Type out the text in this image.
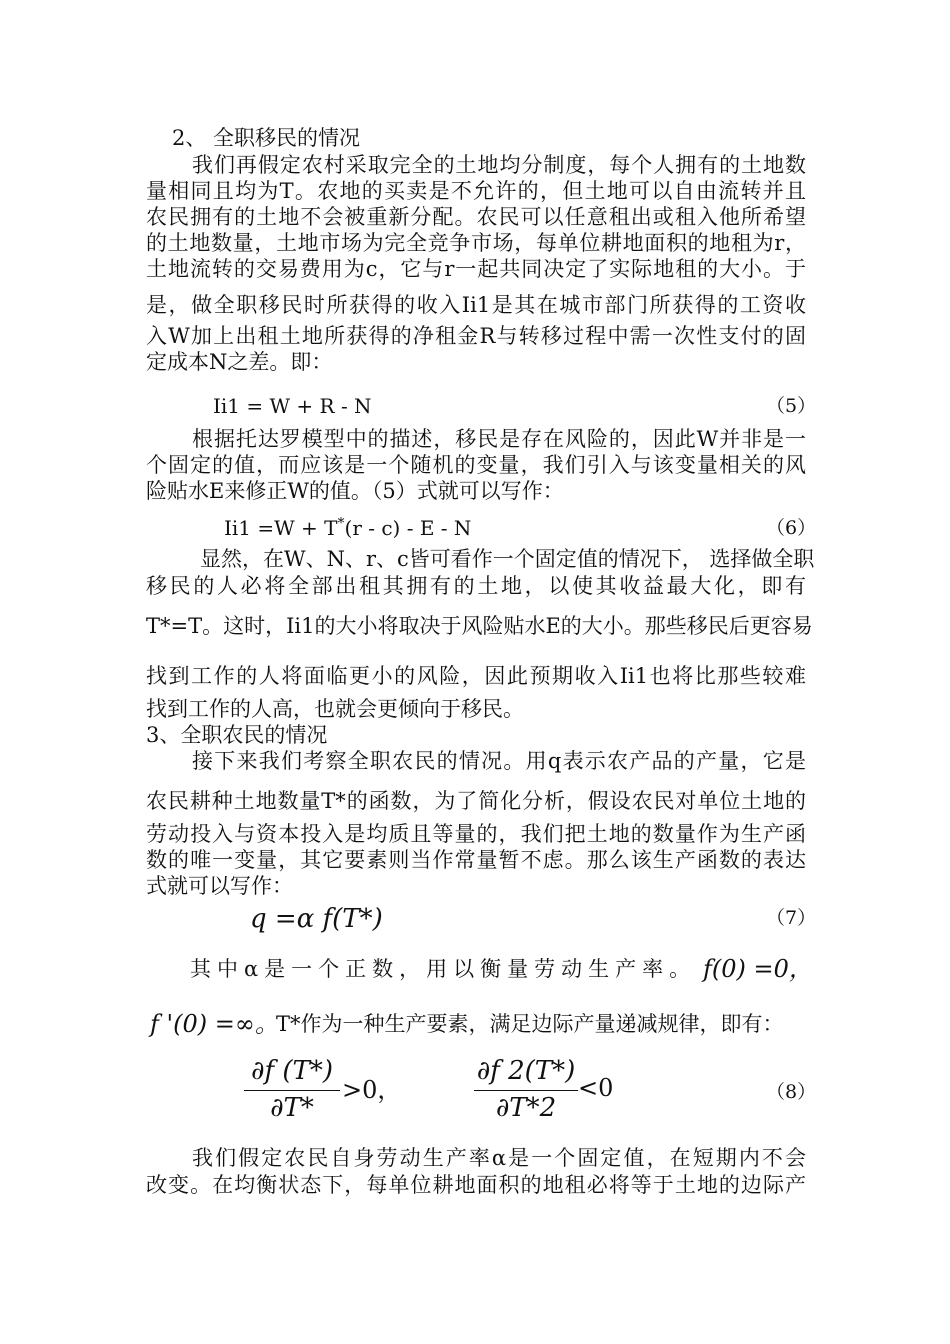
2、 全职移民的情况
我们再假定农村采取完全的土地均分制度，每个人拥有的土地数
量相同且均为T。农地的买卖是不允许的，但土地可以自由流转并且
农民拥有的土地不会被重新分配。农民可以任意租出或租入他所希望
的土地数量，土地市场为完全竞争市场，每单位耕地面积的地租为r，
土地流转的交易费用为c，它与r一起共同决定了实际地租的大小。于
是，做全职移民时所获得的收入Ii1是其在城市部门所获得的工资收
入W加上出租土地所获得的净租金R与转移过程中需一次性支付的固
定成本N之差。即：
Ii1 = W + R - N	（5）
根据托达罗模型中的描述，移民是存在风险的，因此W并非是一
个固定的值，而应该是一个随机的变量，我们引入与该变量相关的风
险贴水E来修正W的值。（5）式就可以写作：
Ii1 =W + T*(r - c) - E - N	（6）
显然，在W、N、r、c皆可看作一个固定值的情况下， 选择做全职
移民的人必将全部出租其拥有的土地，以使其收益最大化，即有
T*=T。这时，Ii1的大小将取决于风险贴水E的大小。那些移民后更容易
找到工作的人将面临更小的风险，因此预期收入Ii1也将比那些较难
找到工作的人高，也就会更倾向于移民。
3、全职农民的情况
接下来我们考察全职农民的情况。用q表示农产品的产量，它是
农民耕种土地数量T*的函数，为了简化分析，假设农民对单位土地的
劳动投入与资本投入是均质且等量的，我们把土地的数量作为生产函
数的唯一变量，其它要素则当作常量暂不虑。那么该生产函数的表达
式就可以写作：
q =α f(T*)	（7）
其中α是一个正数，用以衡量劳动生产率。 f(0) =0，
f '(0) =∞。
T*作为一种生产要素，满足边际产量递减规律，即有：
∂f (T*)
∂T*
>0，
∂f 2(T*)
∂T*2
<0	（8）
我们假定农民自身劳动生产率α是一个固定值，在短期内不会
改变。在均衡状态下，每单位耕地面积的地租必将等于土地的边际产
